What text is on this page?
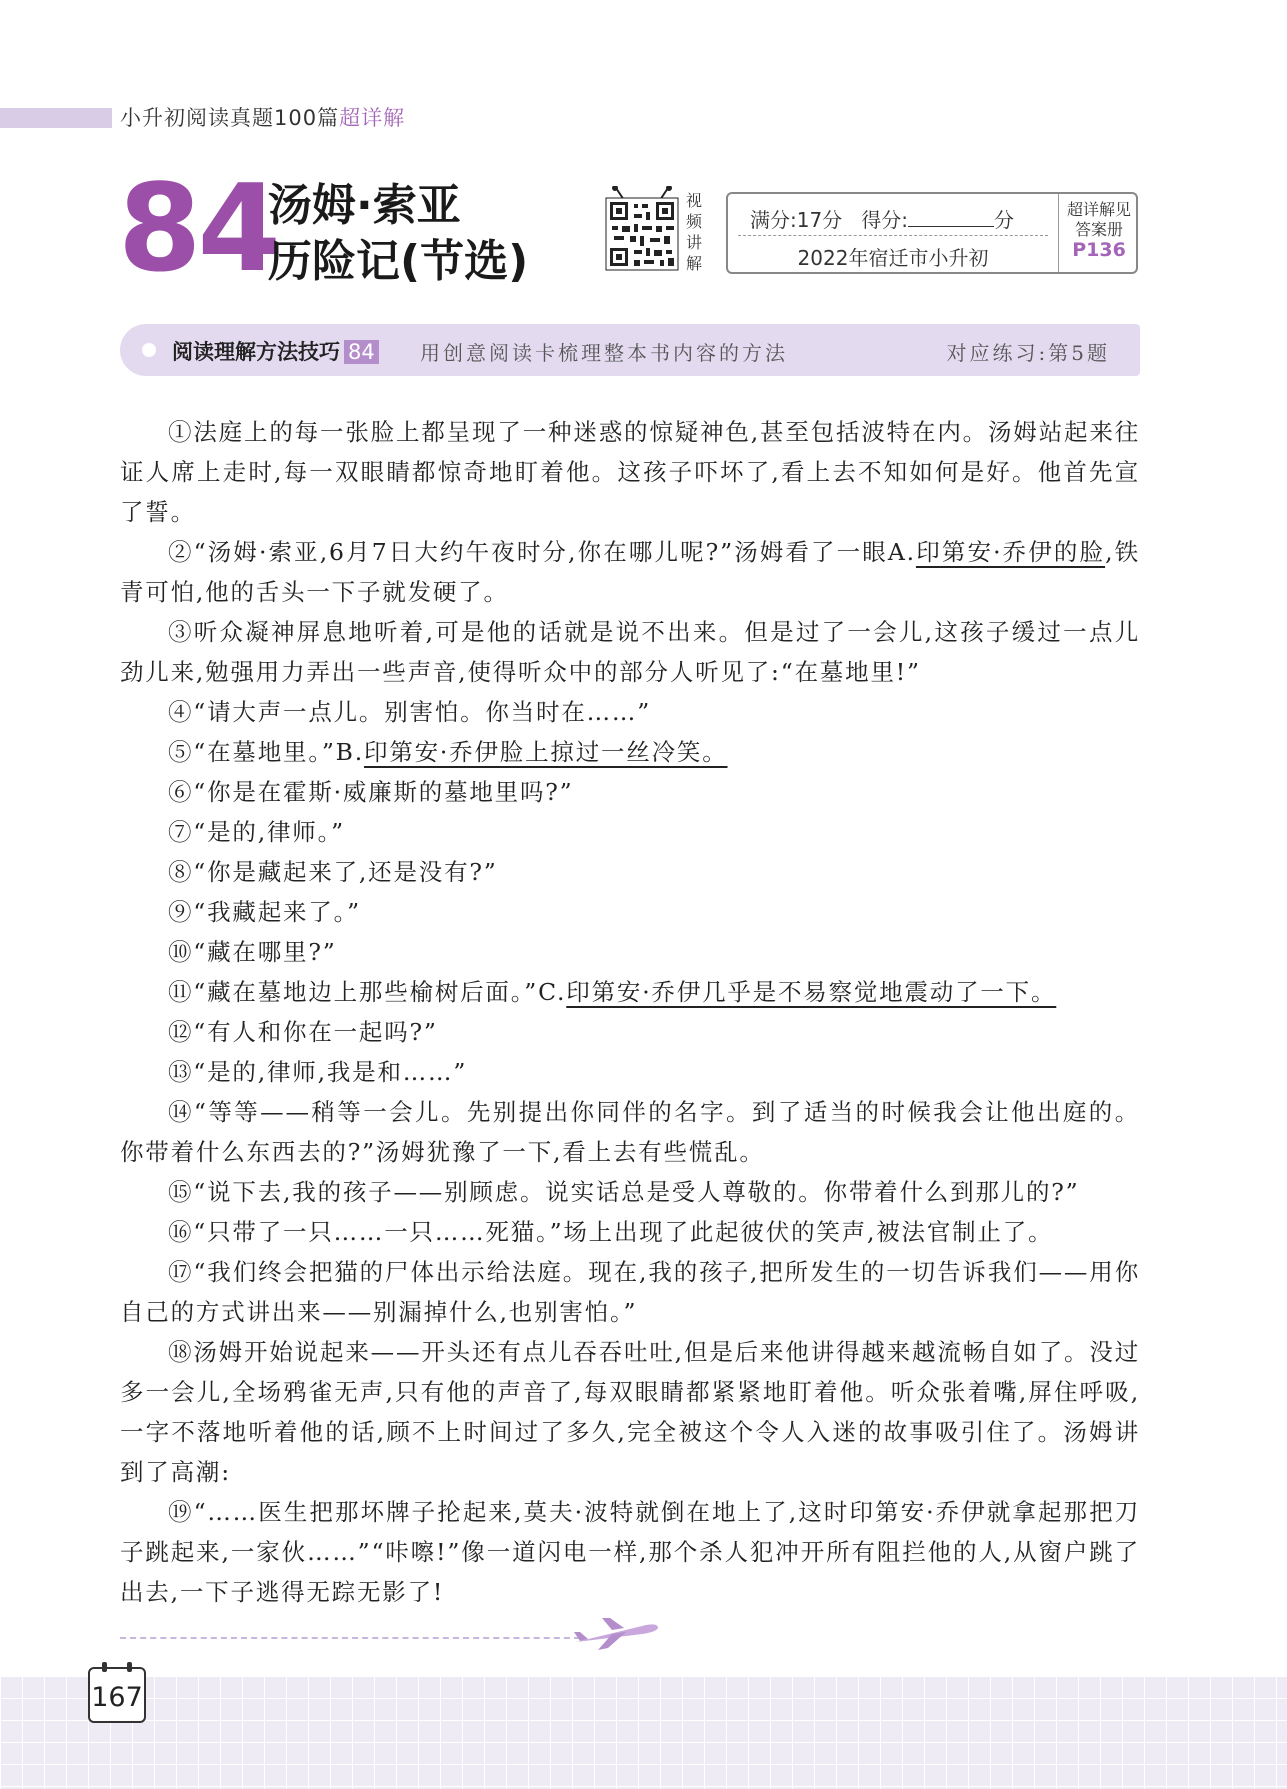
小升初阅读真题100篇超详解
84
汤姆·索亚
历险记(节选)
视
频
讲
解
满分:17分 得分:	分
2022年宿迁市小升初
超详解见
答案册
P136
阅读理解方法技巧 84 用创意阅读卡梳理整本书内容的方法	对应练习:第5题

①法庭上的每一张脸上都呈现了一种迷惑的惊疑神色,甚至包括波特在内。汤姆站起来往证人席上走时,每一双眼睛都惊奇地盯着他。这孩子吓坏了,看上去不知如何是好。他首先宣了誓。

②“汤姆·索亚,6月7日大约午夜时分,你在哪儿呢?”汤姆看了一眼A.印第安·乔伊的脸,铁青可怕,他的舌头一下子就发硬了。

③听众凝神屏息地听着,可是他的话就是说不出来。但是过了一会儿,这孩子缓过一点儿劲儿来,勉强用力弄出一些声音,使得听众中的部分人听见了:“在墓地里!”

④“请大声一点儿。别害怕。你当时在……”

⑤“在墓地里。”B.印第安·乔伊脸上掠过一丝冷笑。

⑥“你是在霍斯·威廉斯的墓地里吗?”

⑦“是的,律师。”

⑧“你是藏起来了,还是没有?”

⑨“我藏起来了。”

⑩“藏在哪里?”

⑪“藏在墓地边上那些榆树后面。”C.印第安·乔伊几乎是不易察觉地震动了一下。

⑫“有人和你在一起吗?”

⑬“是的,律师,我是和……”

⑭“等等——稍等一会儿。先别提出你同伴的名字。到了适当的时候我会让他出庭的。你带着什么东西去的?”汤姆犹豫了一下,看上去有些慌乱。

⑮“说下去,我的孩子——别顾虑。说实话总是受人尊敬的。你带着什么到那儿的?”

⑯“只带了一只……一只……死猫。”场上出现了此起彼伏的笑声,被法官制止了。

⑰“我们终会把猫的尸体出示给法庭。现在,我的孩子,把所发生的一切告诉我们——用你自己的方式讲出来——别漏掉什么,也别害怕。”

⑱汤姆开始说起来——开头还有点儿吞吞吐吐,但是后来他讲得越来越流畅自如了。没过多一会儿,全场鸦雀无声,只有他的声音了,每双眼睛都紧紧地盯着他。听众张着嘴,屏住呼吸,一字不落地听着他的话,顾不上时间过了多久,完全被这个令人入迷的故事吸引住了。汤姆讲到了高潮:

⑲“……医生把那坏牌子抡起来,莫夫·波特就倒在地上了,这时印第安·乔伊就拿起那把刀子跳起来,一家伙……”“咔嚓!”像一道闪电一样,那个杀人犯冲开所有阻拦他的人,从窗户跳了出去,一下子逃得无踪无影了!

167
